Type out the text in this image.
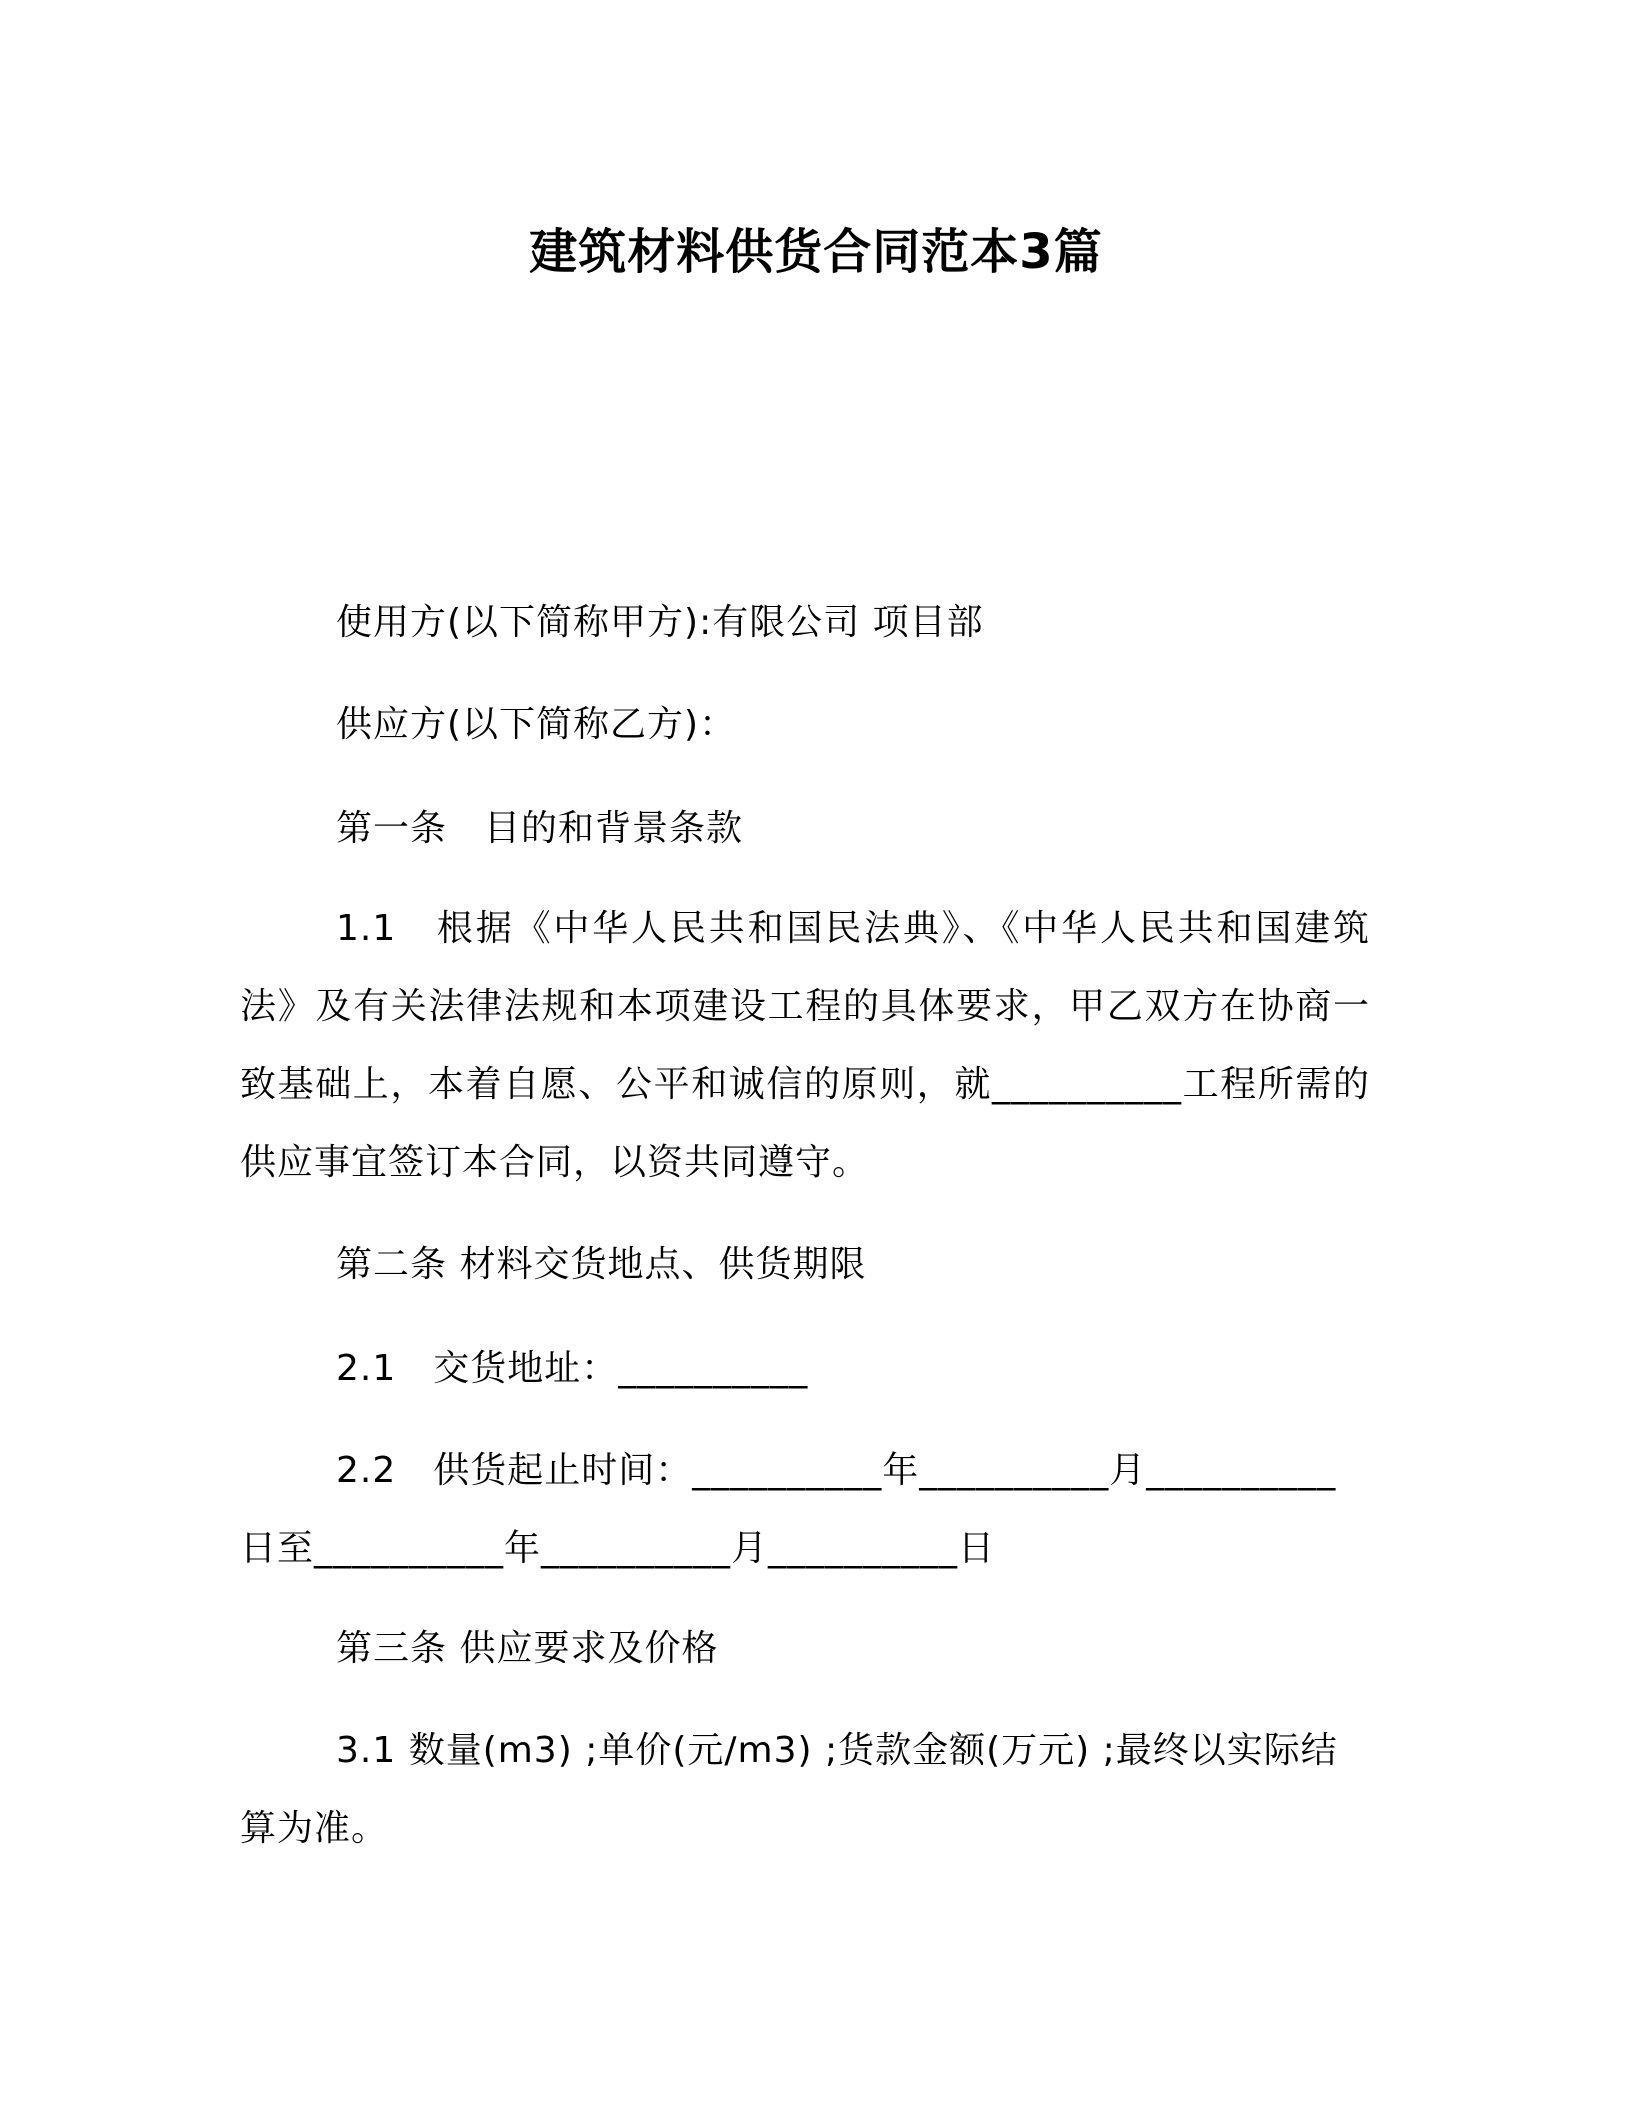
建筑材料供货合同范本3篇
使用方(以下简称甲方):有限公司 项目部
供应方(以下简称乙方)：
第一条　目的和背景条款
1.1　根据《中华人民共和国民法典》、《中华人民共和国建筑法》及有关法律法规和本项建设工程的具体要求，甲乙双方在协商一致基础上，本着自愿、公平和诚信的原则，就__________工程所需的供应事宜签订本合同，以资共同遵守。
第二条 材料交货地点、供货期限
2.1　交货地址：__________
2.2　供货起止时间：__________年__________月__________日至__________年__________月__________日
第三条 供应要求及价格
3.1 数量(m3) ;单价(元/m3) ;货款金额(万元) ;最终以实际结算为准。
